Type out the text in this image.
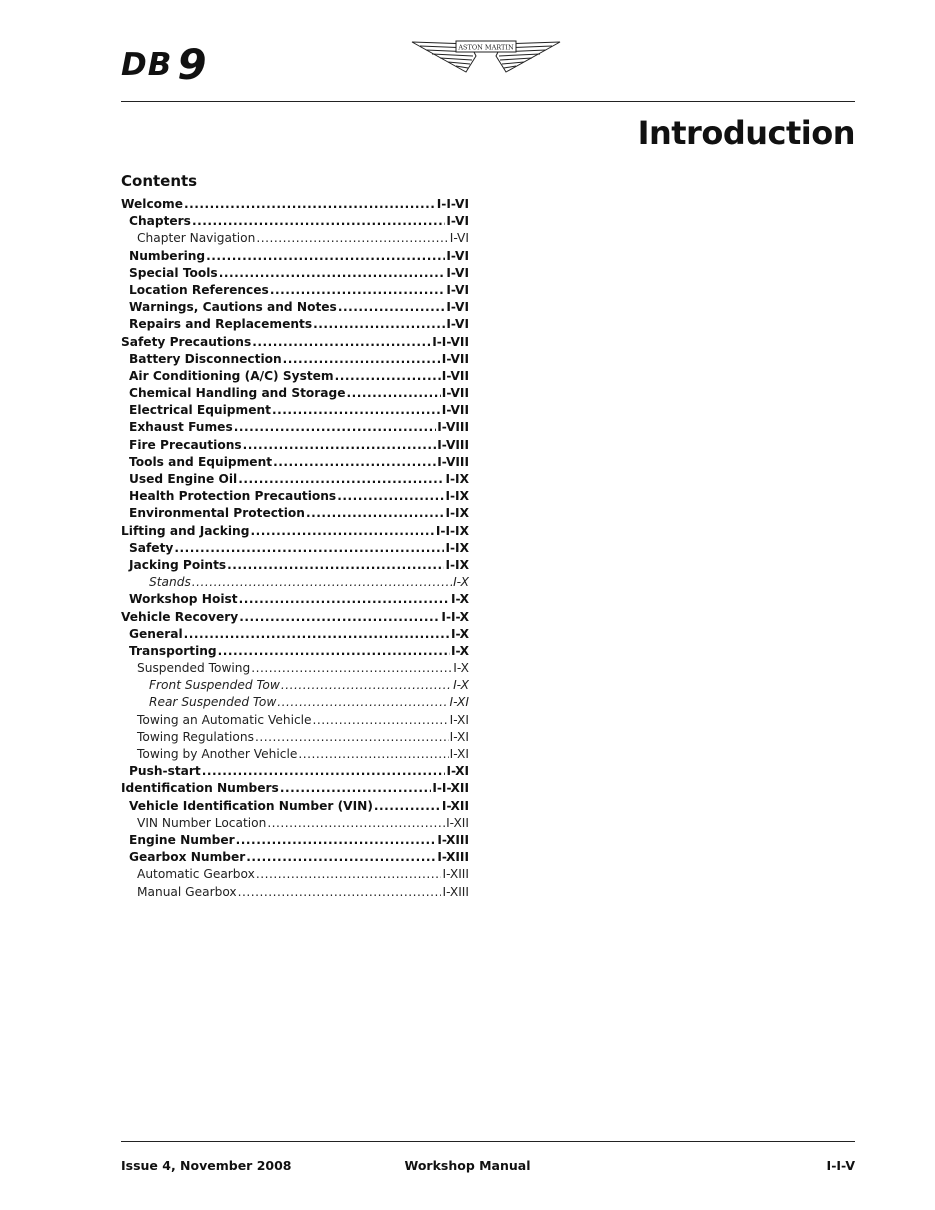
DB 9	ASTON MARTIN
Introduction
Contents
Welcome .....	I-I-VI
Chapters .....	I-VI
Chapter Navigation .....	I-VI
Numbering .....	I-VI
Special Tools .....	I-VI
Location References .....	I-VI
Warnings, Cautions and Notes .....	I-VI
Repairs and Replacements .....	I-VI
Safety Precautions .....	I-I-VII
Battery Disconnection .....	I-VII
Air Conditioning (A/C) System .....	I-VII
Chemical Handling and Storage .....	I-VII
Electrical Equipment .....	I-VII
Exhaust Fumes .....	I-VIII
Fire Precautions .....	I-VIII
Tools and Equipment .....	I-VIII
Used Engine Oil .....	I-IX
Health Protection Precautions .....	I-IX
Environmental Protection .....	I-IX
Lifting and Jacking .....	I-I-IX
Safety .....	I-IX
Jacking Points .....	I-IX
Stands .....	I-X
Workshop Hoist .....	I-X
Vehicle Recovery .....	I-I-X
General .....	I-X
Transporting .....	I-X
Suspended Towing .....	I-X
Front Suspended Tow .....	I-X
Rear Suspended Tow .....	I-XI
Towing an Automatic Vehicle .....	I-XI
Towing Regulations .....	I-XI
Towing by Another Vehicle .....	I-XI
Push-start .....	I-XI
Identification Numbers .....	I-I-XII
Vehicle Identification Number (VIN) .....	I-XII
VIN Number Location .....	I-XII
Engine Number .....	I-XIII
Gearbox Number .....	I-XIII
Automatic Gearbox .....	I-XIII
Manual Gearbox .....	I-XIII
Issue 4, November 2008	Workshop Manual	I-I-V
